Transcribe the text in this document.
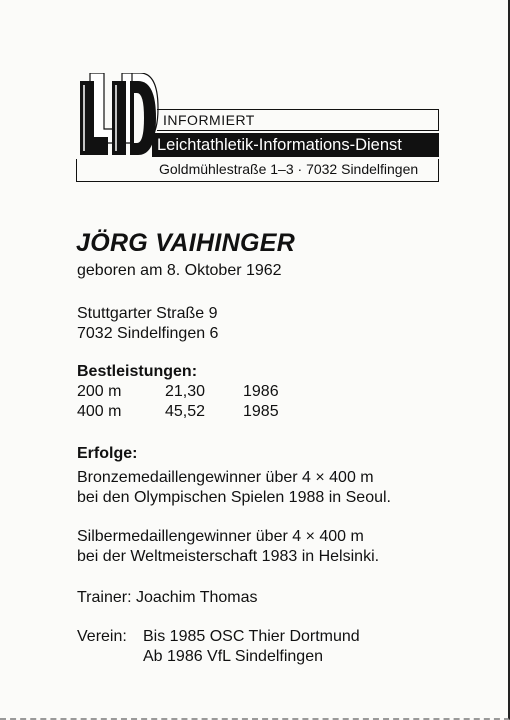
INFORMIERT
Leichtathletik-Informations-Dienst
Goldmühlestraße 1–3 · 7032 Sindelfingen
JÖRG VAIHINGER
geboren am 8. Oktober 1962
Stuttgarter Straße 9
7032 Sindelfingen 6
Bestleistungen:
200 m	21,30	1986
400 m	45,52	1985
Erfolge:
Bronzemedaillengewinner über 4 × 400 m
bei den Olympischen Spielen 1988 in Seoul.
Silbermedaillengewinner über 4 × 400 m
bei der Weltmeisterschaft 1983 in Helsinki.
Trainer: Joachim Thomas
Verein: Bis 1985 OSC Thier Dortmund
Ab 1986 VfL Sindelfingen
